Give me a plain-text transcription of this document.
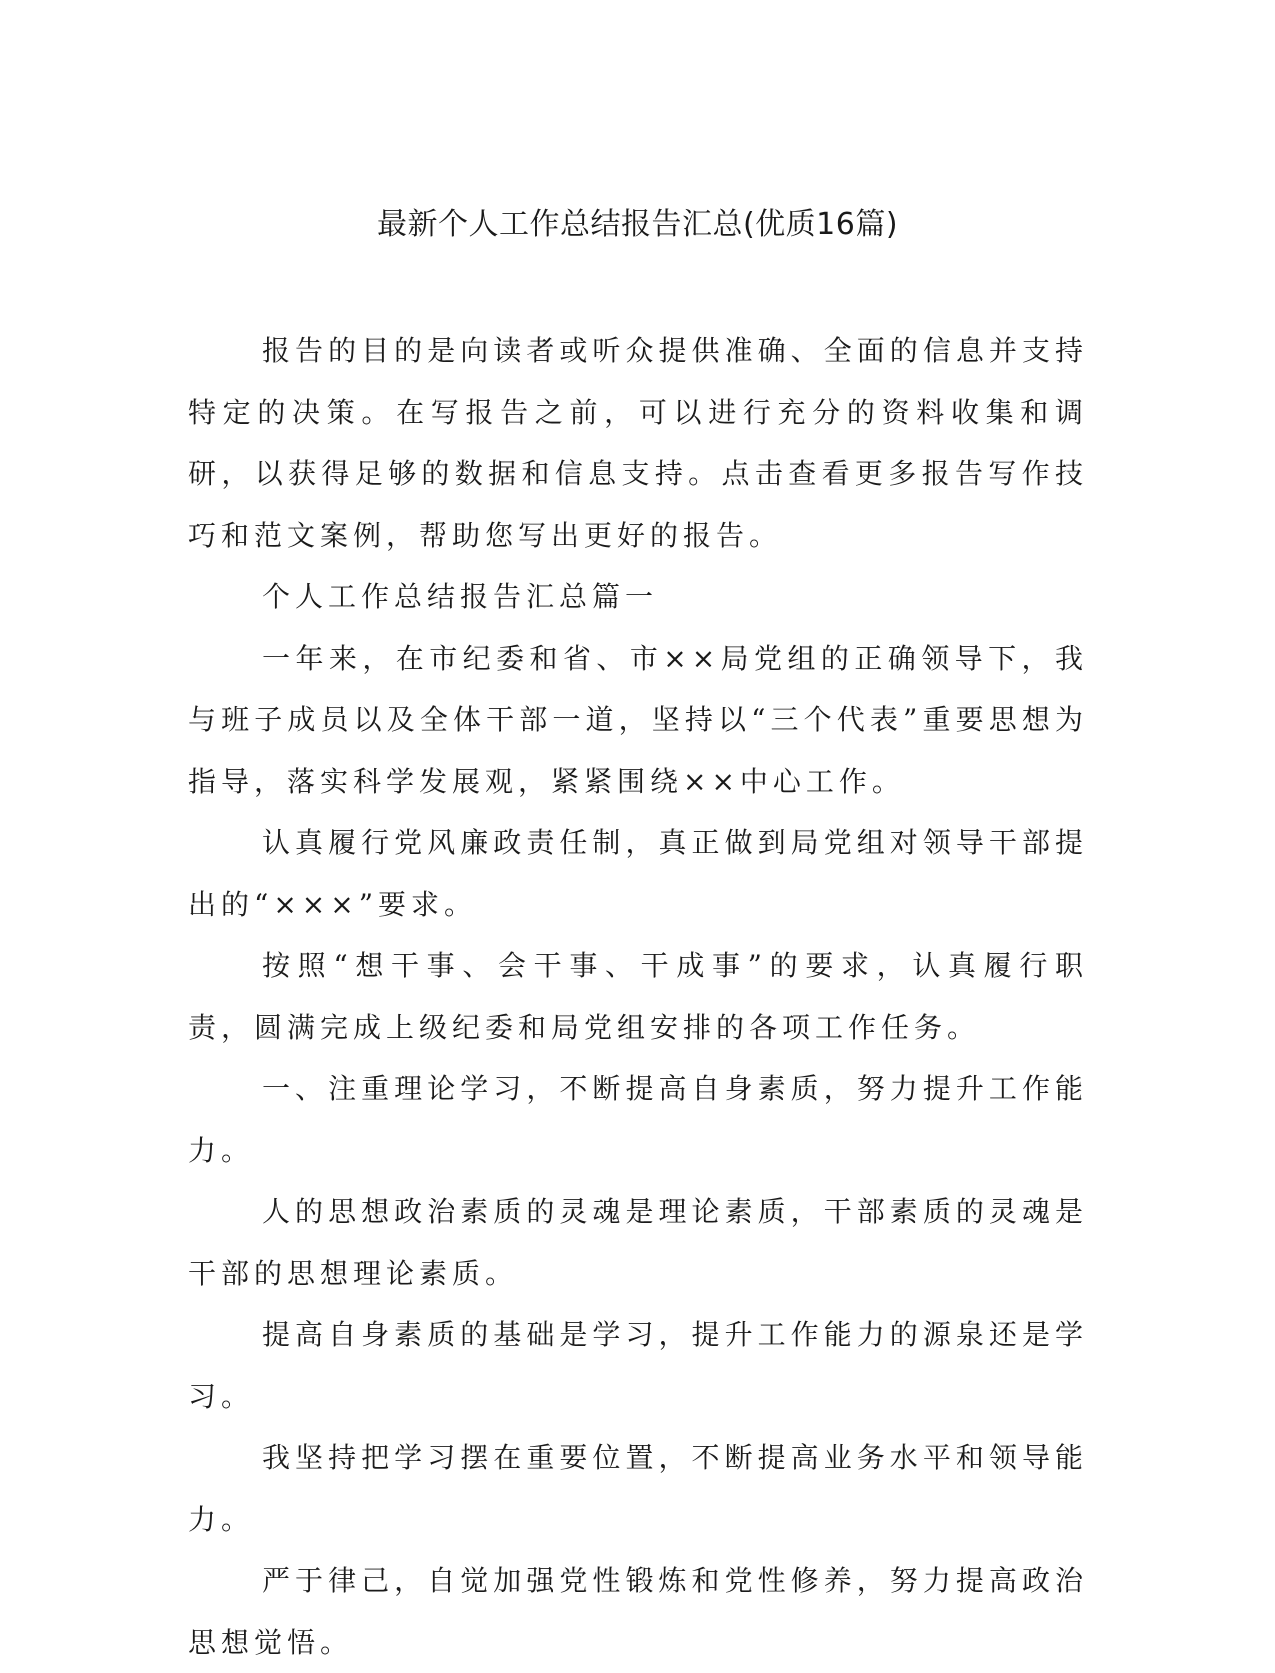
最新个人工作总结报告汇总(优质16篇)

报告的目的是向读者或听众提供准确、全面的信息并支持特定的决策。在写报告之前，可以进行充分的资料收集和调研，以获得足够的数据和信息支持。点击查看更多报告写作技巧和范文案例，帮助您写出更好的报告。

个人工作总结报告汇总篇一

一年来，在市纪委和省、市××局党组的正确领导下，我与班子成员以及全体干部一道，坚持以“三个代表”重要思想为指导，落实科学发展观，紧紧围绕××中心工作。

认真履行党风廉政责任制，真正做到局党组对领导干部提出的“×××”要求。

按照“想干事、会干事、干成事”的要求，认真履行职责，圆满完成上级纪委和局党组安排的各项工作任务。

一、注重理论学习，不断提高自身素质，努力提升工作能力。

人的思想政治素质的灵魂是理论素质，干部素质的灵魂是干部的思想理论素质。

提高自身素质的基础是学习，提升工作能力的源泉还是学习。

我坚持把学习摆在重要位置，不断提高业务水平和领导能力。

严于律己，自觉加强党性锻炼和党性修养，努力提高政治思想觉悟。
